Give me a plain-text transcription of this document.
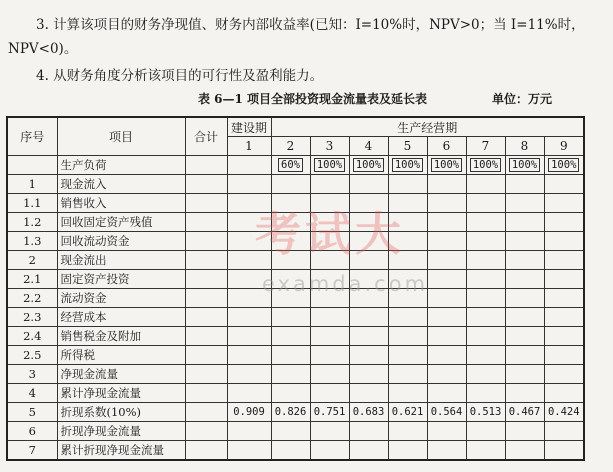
3. 计算该项目的财务净现值、财务内部收益率(已知：I=10%时，NPV>0；当 I=11%时，
NPV<0)。
4. 从财务角度分析该项目的可行性及盈利能力。
表 6—1 项目全部投资现金流量表及延长表	单位：万元
序号	项目	合计	建设期	生产经营期							
			1	2	3	4	5	6	7	8	9
	生产负荷			60%	100%	100%	100%	100%	100%	100%	100%
1	现金流入										
1.1	销售收入										
1.2	回收固定资产残值										
1.3	回收流动资金										
2	现金流出										
2.1	固定资产投资										
2.2	流动资金										
2.3	经营成本										
2.4	销售税金及附加										
2.5	所得税										
3	净现金流量										
4	累计净现金流量										
5	折现系数(10%)		0.909	0.826	0.751	0.683	0.621	0.564	0.513	0.467	0.424
6	折现净现金流量										
7	累计折现净现金流量										
考试大
examda.com
